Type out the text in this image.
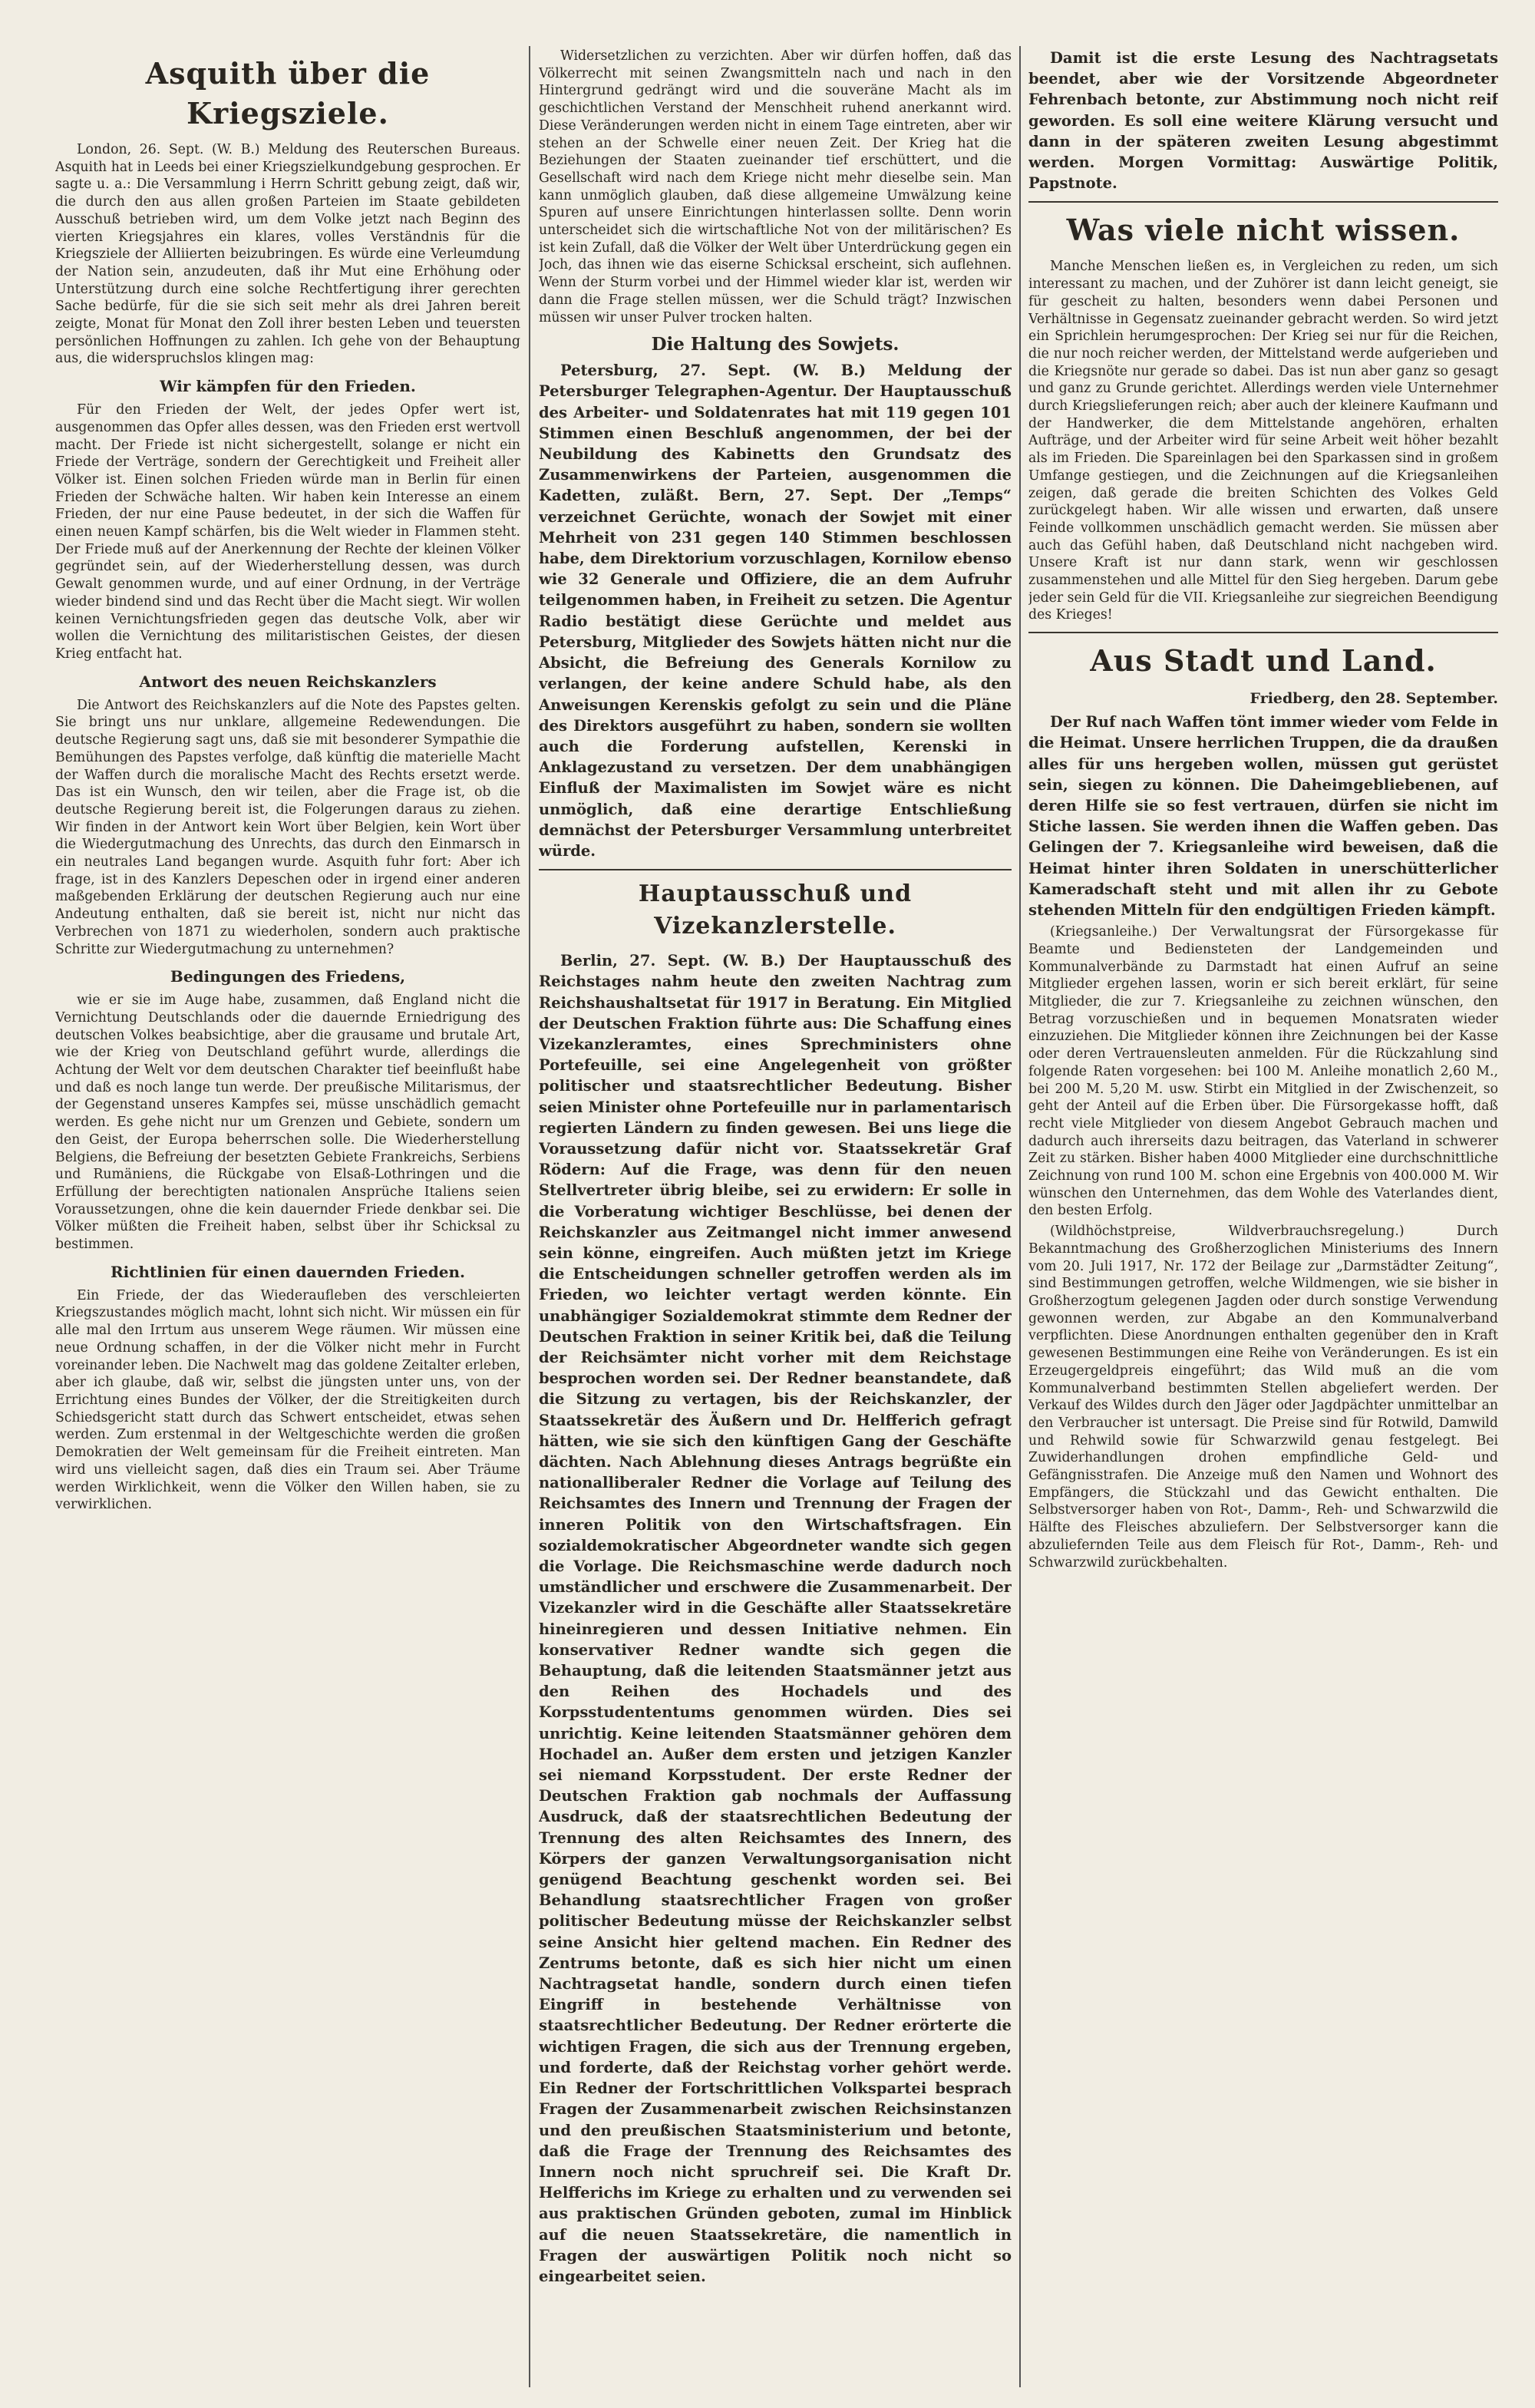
Asquith über die Kriegsziele.

London, 26. Sept. (W. B.) Meldung des Reuterschen Bureaus. Asquith hat in Leeds bei einer Kriegszielkundgebung gesprochen. Er sagte u. a.: Die Versammlung i Herrn Schritt gebung zeigt, daß wir, die durch den aus allen großen Parteien im Staate gebildeten Ausschuß betrieben wird, um dem Volke jetzt nach Beginn des vierten Kriegsjahres ein klares, volles Verständnis für die Kriegsziele der Alliierten beizubringen. Es würde eine Verleumdung der Nation sein, anzudeuten, daß ihr Mut eine Erhöhung oder Unterstützung durch eine solche Rechtfertigung ihrer gerechten Sache bedürfe, für die sie sich seit mehr als drei Jahren bereit zeigte, Monat für Monat den Zoll ihrer besten Leben und teuersten persönlichen Hoffnungen zu zahlen. Ich gehe von der Behauptung aus, die widerspruchslos klingen mag:

Wir kämpfen für den Frieden.

Für den Frieden der Welt, der jedes Opfer wert ist, ausgenommen das Opfer alles dessen, was den Frieden erst wertvoll macht. Der Friede ist nicht sichergestellt, solange er nicht ein Friede der Verträge, sondern der Gerechtigkeit und Freiheit aller Völker ist. Einen solchen Frieden würde man in Berlin für einen Frieden der Schwäche halten. Wir haben kein Interesse an einem Frieden, der nur eine Pause bedeutet, in der sich die Waffen für einen neuen Kampf schärfen, bis die Welt wieder in Flammen steht. Der Friede muß auf der Anerkennung der Rechte der kleinen Völker gegründet sein, auf der Wiederherstellung dessen, was durch Gewalt genommen wurde, und auf einer Ordnung, in der Verträge wieder bindend sind und das Recht über die Macht siegt. Wir wollen keinen Vernichtungsfrieden gegen das deutsche Volk, aber wir wollen die Vernichtung des militaristischen Geistes, der diesen Krieg entfacht hat.

Antwort des neuen Reichskanzlers

Die Antwort des Reichskanzlers auf die Note des Papstes gelten. Sie bringt uns nur unklare, allgemeine Redewendungen. Die deutsche Regierung sagt uns, daß sie mit besonderer Sympathie die Bemühungen des Papstes verfolge, daß künftig die materielle Macht der Waffen durch die moralische Macht des Rechts ersetzt werde. Das ist ein Wunsch, den wir teilen, aber die Frage ist, ob die deutsche Regierung bereit ist, die Folgerungen daraus zu ziehen. Wir finden in der Antwort kein Wort über Belgien, kein Wort über die Wiedergutmachung des Unrechts, das durch den Einmarsch in ein neutrales Land begangen wurde. Asquith fuhr fort: Aber ich frage, ist in des Kanzlers Depeschen oder in irgend einer anderen maßgebenden Erklärung der deutschen Regierung auch nur eine Andeutung enthalten, daß sie bereit ist, nicht nur nicht das Verbrechen von 1871 zu wiederholen, sondern auch praktische Schritte zur Wiedergutmachung zu unternehmen?

Bedingungen des Friedens,

wie er sie im Auge habe, zusammen, daß England nicht die Vernichtung Deutschlands oder die dauernde Erniedrigung des deutschen Volkes beabsichtige, aber die grausame und brutale Art, wie der Krieg von Deutschland geführt wurde, allerdings die Achtung der Welt vor dem deutschen Charakter tief beeinflußt habe und daß es noch lange tun werde. Der preußische Militarismus, der der Gegenstand unseres Kampfes sei, müsse unschädlich gemacht werden. Es gehe nicht nur um Grenzen und Gebiete, sondern um den Geist, der Europa beherrschen solle. Die Wiederherstellung Belgiens, die Befreiung der besetzten Gebiete Frankreichs, Serbiens und Rumäniens, die Rückgabe von Elsaß-Lothringen und die Erfüllung der berechtigten nationalen Ansprüche Italiens seien Voraussetzungen, ohne die kein dauernder Friede denkbar sei. Die Völker müßten die Freiheit haben, selbst über ihr Schicksal zu bestimmen.

Richtlinien für einen dauernden Frieden.

Ein Friede, der das Wiederaufleben des verschleierten Kriegszustandes möglich macht, lohnt sich nicht. Wir müssen ein für alle mal den Irrtum aus unserem Wege räumen. Wir müssen eine neue Ordnung schaffen, in der die Völker nicht mehr in Furcht voreinander leben. Die Nachwelt mag das goldene Zeitalter erleben, aber ich glaube, daß wir, selbst die jüngsten unter uns, von der Errichtung eines Bundes der Völker, der die Streitigkeiten durch Schiedsgericht statt durch das Schwert entscheidet, etwas sehen werden. Zum erstenmal in der Weltgeschichte werden die großen Demokratien der Welt gemeinsam für die Freiheit eintreten. Man wird uns vielleicht sagen, daß dies ein Traum sei. Aber Träume werden Wirklichkeit, wenn die Völker den Willen haben, sie zu verwirklichen.

Widersetzlichen zu verzichten. Aber wir dürfen hoffen, daß das Völkerrecht mit seinen Zwangsmitteln nach und nach in den Hintergrund gedrängt wird und die souveräne Macht als im geschichtlichen Verstand der Menschheit ruhend anerkannt wird. Diese Veränderungen werden nicht in einem Tage eintreten, aber wir stehen an der Schwelle einer neuen Zeit. Der Krieg hat die Beziehungen der Staaten zueinander tief erschüttert, und die Gesellschaft wird nach dem Kriege nicht mehr dieselbe sein. Man kann unmöglich glauben, daß diese allgemeine Umwälzung keine Spuren auf unsere Einrichtungen hinterlassen sollte. Denn worin unterscheidet sich die wirtschaftliche Not von der militärischen? Es ist kein Zufall, daß die Völker der Welt über Unterdrückung gegen ein Joch, das ihnen wie das eiserne Schicksal erscheint, sich auflehnen. Wenn der Sturm vorbei und der Himmel wieder klar ist, werden wir dann die Frage stellen müssen, wer die Schuld trägt? Inzwischen müssen wir unser Pulver trocken halten.

Die Haltung des Sowjets.

Petersburg, 27. Sept. (W. B.) Meldung der Petersburger Telegraphen-Agentur. Der Hauptausschuß des Arbeiter- und Soldatenrates hat mit 119 gegen 101 Stimmen einen Beschluß angenommen, der bei der Neubildung des Kabinetts den Grundsatz des Zusammenwirkens der Parteien, ausgenommen die Kadetten, zuläßt. Bern, 27. Sept. Der „Temps“ verzeichnet Gerüchte, wonach der Sowjet mit einer Mehrheit von 231 gegen 140 Stimmen beschlossen habe, dem Direktorium vorzuschlagen, Kornilow ebenso wie 32 Generale und Offiziere, die an dem Aufruhr teilgenommen haben, in Freiheit zu setzen. Die Agentur Radio bestätigt diese Gerüchte und meldet aus Petersburg, Mitglieder des Sowjets hätten nicht nur die Absicht, die Befreiung des Generals Kornilow zu verlangen, der keine andere Schuld habe, als den Anweisungen Kerenskis gefolgt zu sein und die Pläne des Direktors ausgeführt zu haben, sondern sie wollten auch die Forderung aufstellen, Kerenski in Anklagezustand zu versetzen. Der dem unabhängigen Einfluß der Maximalisten im Sowjet wäre es nicht unmöglich, daß eine derartige Entschließung demnächst der Petersburger Versammlung unterbreitet würde.

Hauptausschuß und Vizekanzlerstelle.

Berlin, 27. Sept. (W. B.) Der Hauptausschuß des Reichstages nahm heute den zweiten Nachtrag zum Reichshaushaltsetat für 1917 in Beratung. Ein Mitglied der Deutschen Fraktion führte aus: Die Schaffung eines Vizekanzleramtes, eines Sprechministers ohne Portefeuille, sei eine Angelegenheit von größter politischer und staatsrechtlicher Bedeutung. Bisher seien Minister ohne Portefeuille nur in parlamentarisch regierten Ländern zu finden gewesen. Bei uns liege die Voraussetzung dafür nicht vor. Staatssekretär Graf Rödern: Auf die Frage, was denn für den neuen Stellvertreter übrig bleibe, sei zu erwidern: Er solle in die Vorberatung wichtiger Beschlüsse, bei denen der Reichskanzler aus Zeitmangel nicht immer anwesend sein könne, eingreifen. Auch müßten jetzt im Kriege die Entscheidungen schneller getroffen werden als im Frieden, wo leichter vertagt werden könnte. Ein unabhängiger Sozialdemokrat stimmte dem Redner der Deutschen Fraktion in seiner Kritik bei, daß die Teilung der Reichsämter nicht vorher mit dem Reichstage besprochen worden sei. Der Redner beanstandete, daß die Sitzung zu vertagen, bis der Reichskanzler, der Staatssekretär des Äußern und Dr. Helfferich gefragt hätten, wie sie sich den künftigen Gang der Geschäfte dächten. Nach Ablehnung dieses Antrags begrüßte ein nationalliberaler Redner die Vorlage auf Teilung des Reichsamtes des Innern und Trennung der Fragen der inneren Politik von den Wirtschaftsfragen. Ein sozialdemokratischer Abgeordneter wandte sich gegen die Vorlage. Die Reichsmaschine werde dadurch noch umständlicher und erschwere die Zusammenarbeit. Der Vizekanzler wird in die Geschäfte aller Staatssekretäre hineinregieren und dessen Initiative nehmen. Ein konservativer Redner wandte sich gegen die Behauptung, daß die leitenden Staatsmänner jetzt aus den Reihen des Hochadels und des Korpsstudententums genommen würden. Dies sei unrichtig. Keine leitenden Staatsmänner gehören dem Hochadel an. Außer dem ersten und jetzigen Kanzler sei niemand Korpsstudent. Der erste Redner der Deutschen Fraktion gab nochmals der Auffassung Ausdruck, daß der staatsrechtlichen Bedeutung der Trennung des alten Reichsamtes des Innern, des Körpers der ganzen Verwaltungsorganisation nicht genügend Beachtung geschenkt worden sei. Bei Behandlung staatsrechtlicher Fragen von großer politischer Bedeutung müsse der Reichskanzler selbst seine Ansicht hier geltend machen. Ein Redner des Zentrums betonte, daß es sich hier nicht um einen Nachtragsetat handle, sondern durch einen tiefen Eingriff in bestehende Verhältnisse von staatsrechtlicher Bedeutung. Der Redner erörterte die wichtigen Fragen, die sich aus der Trennung ergeben, und forderte, daß der Reichstag vorher gehört werde. Ein Redner der Fortschrittlichen Volkspartei besprach Fragen der Zusammenarbeit zwischen Reichsinstanzen und den preußischen Staatsministerium und betonte, daß die Frage der Trennung des Reichsamtes des Innern noch nicht spruchreif sei. Die Kraft Dr. Helfferichs im Kriege zu erhalten und zu verwenden sei aus praktischen Gründen geboten, zumal im Hinblick auf die neuen Staatssekretäre, die namentlich in Fragen der auswärtigen Politik noch nicht so eingearbeitet seien.

Damit ist die erste Lesung des Nachtragsetats beendet, aber wie der Vorsitzende Abgeordneter Fehrenbach betonte, zur Abstimmung noch nicht reif geworden. Es soll eine weitere Klärung versucht und dann in der späteren zweiten Lesung abgestimmt werden. Morgen Vormittag: Auswärtige Politik, Papstnote.

Was viele nicht wissen.

Manche Menschen ließen es, in Vergleichen zu reden, um sich interessant zu machen, und der Zuhörer ist dann leicht geneigt, sie für gescheit zu halten, besonders wenn dabei Personen und Verhältnisse in Gegensatz zueinander gebracht werden. So wird jetzt ein Sprichlein herumgesprochen: Der Krieg sei nur für die Reichen, die nur noch reicher werden, der Mittelstand werde aufgerieben und die Kriegsnöte nur gerade so dabei. Das ist nun aber ganz so gesagt und ganz zu Grunde gerichtet. Allerdings werden viele Unternehmer durch Kriegslieferungen reich; aber auch der kleinere Kaufmann und der Handwerker, die dem Mittelstande angehören, erhalten Aufträge, und der Arbeiter wird für seine Arbeit weit höher bezahlt als im Frieden. Die Spareinlagen bei den Sparkassen sind in großem Umfange gestiegen, und die Zeichnungen auf die Kriegsanleihen zeigen, daß gerade die breiten Schichten des Volkes Geld zurückgelegt haben. Wir alle wissen und erwarten, daß unsere Feinde vollkommen unschädlich gemacht werden. Sie müssen aber auch das Gefühl haben, daß Deutschland nicht nachgeben wird. Unsere Kraft ist nur dann stark, wenn wir geschlossen zusammenstehen und alle Mittel für den Sieg hergeben. Darum gebe jeder sein Geld für die VII. Kriegsanleihe zur siegreichen Beendigung des Krieges!

Aus Stadt und Land.

Friedberg, den 28. September.

Der Ruf nach Waffen tönt immer wieder vom Felde in die Heimat. Unsere herrlichen Truppen, die da draußen alles für uns hergeben wollen, müssen gut gerüstet sein, siegen zu können. Die Daheimgebliebenen, auf deren Hilfe sie so fest vertrauen, dürfen sie nicht im Stiche lassen. Sie werden ihnen die Waffen geben. Das Gelingen der 7. Kriegsanleihe wird beweisen, daß die Heimat hinter ihren Soldaten in unerschütterlicher Kameradschaft steht und mit allen ihr zu Gebote stehenden Mitteln für den endgültigen Frieden kämpft.

(Kriegsanleihe.) Der Verwaltungsrat der Fürsorgekasse für Beamte und Bediensteten der Landgemeinden und Kommunalverbände zu Darmstadt hat einen Aufruf an seine Mitglieder ergehen lassen, worin er sich bereit erklärt, für seine Mitglieder, die zur 7. Kriegsanleihe zu zeichnen wünschen, den Betrag vorzuschießen und in bequemen Monatsraten wieder einzuziehen. Die Mitglieder können ihre Zeichnungen bei der Kasse oder deren Vertrauensleuten anmelden. Für die Rückzahlung sind folgende Raten vorgesehen: bei 100 M. Anleihe monatlich 2,60 M., bei 200 M. 5,20 M. usw. Stirbt ein Mitglied in der Zwischenzeit, so geht der Anteil auf die Erben über. Die Fürsorgekasse hofft, daß recht viele Mitglieder von diesem Angebot Gebrauch machen und dadurch auch ihrerseits dazu beitragen, das Vaterland in schwerer Zeit zu stärken. Bisher haben 4000 Mitglieder eine durchschnittliche Zeichnung von rund 100 M. schon eine Ergebnis von 400.000 M. Wir wünschen den Unternehmen, das dem Wohle des Vaterlandes dient, den besten Erfolg.

(Wildhöchstpreise, Wildverbrauchsregelung.) Durch Bekanntmachung des Großherzoglichen Ministeriums des Innern vom 20. Juli 1917, Nr. 172 der Beilage zur „Darmstädter Zeitung“, sind Bestimmungen getroffen, welche Wildmengen, wie sie bisher in Großherzogtum gelegenen Jagden oder durch sonstige Verwendung gewonnen werden, zur Abgabe an den Kommunalverband verpflichten. Diese Anordnungen enthalten gegenüber den in Kraft gewesenen Bestimmungen eine Reihe von Veränderungen. Es ist ein Erzeugergeldpreis eingeführt; das Wild muß an die vom Kommunalverband bestimmten Stellen abgeliefert werden. Der Verkauf des Wildes durch den Jäger oder Jagdpächter unmittelbar an den Verbraucher ist untersagt. Die Preise sind für Rotwild, Damwild und Rehwild sowie für Schwarzwild genau festgelegt. Bei Zuwiderhandlungen drohen empfindliche Geld- und Gefängnisstrafen. Die Anzeige muß den Namen und Wohnort des Empfängers, die Stückzahl und das Gewicht enthalten. Die Selbstversorger haben von Rot-, Damm-, Reh- und Schwarzwild die Hälfte des Fleisches abzuliefern. Der Selbstversorger kann die abzuliefernden Teile aus dem Fleisch für Rot-, Damm-, Reh- und Schwarzwild zurückbehalten.
